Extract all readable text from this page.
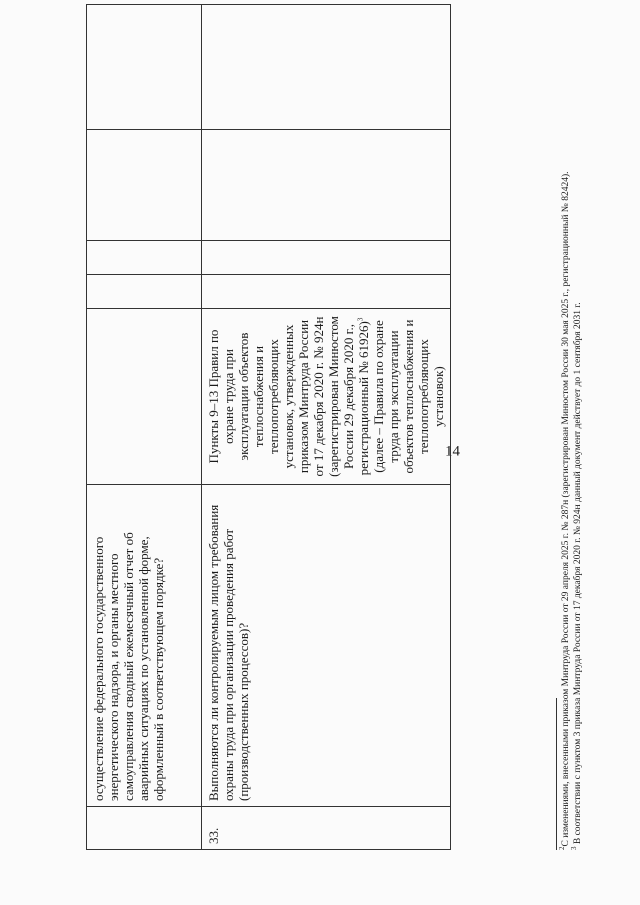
14

	осуществление федерального государственного энергетического надзора, и органы местного самоуправления сводный ежемесячный отчет об аварийных ситуациях по установленной форме, оформленный в соответствующем порядке?					

33.	Выполняются ли контролируемым лицом требования охраны труда при организации проведения работ (производственных процессов)?	Пункты 9–13 Правил по охране труда при эксплуатации объектов теплоснабжения и теплопотребляющих установок, утвержденных приказом Минтруда России от 17 декабря 2020 г. № 924н (зарегистрирован Минюстом России 29 декабря 2020 г., регистрационный № 61926)$^3$ (далее – Правила по охране труда при эксплуатации объектов теплоснабжения и теплопотребляющих установок)				
$^2$С изменениями, внесенными приказом Минтруда России от 29 апреля 2025 г. № 287н (зарегистрирован Минюстом России 30 мая 2025 г., регистрационный № 82424).
$^3$ В соответствии с пунктом 3 приказа Минтруда России от 17 декабря 2020 г. № 924н данный документ действует до 1 сентября 2031 г.
